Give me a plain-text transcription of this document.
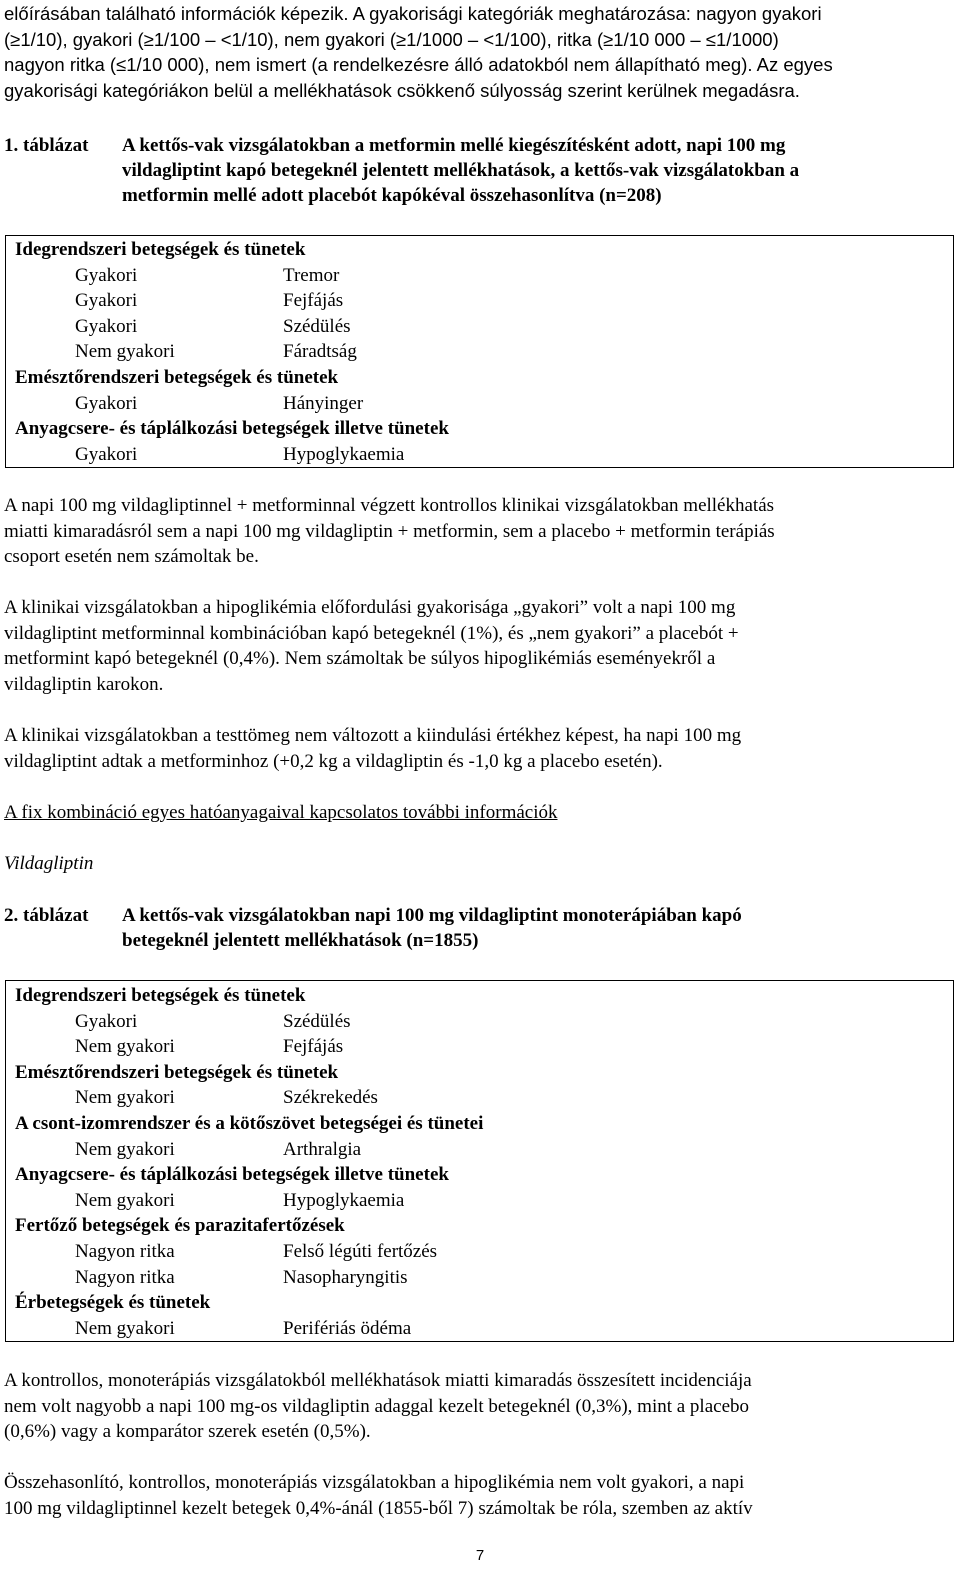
előírásában található információk képezik. A gyakorisági kategóriák meghatározása: nagyon gyakori
(≥1/10), gyakori (≥1/100 – <1/10), nem gyakori (≥1/1000 – <1/100), ritka (≥1/10 000 – ≤1/1000)
nagyon ritka (≤1/10 000), nem ismert (a rendelkezésre álló adatokból nem állapítható meg). Az egyes
gyakorisági kategóriákon belül a mellékhatások csökkenő súlyosság szerint kerülnek megadásra.
1. táblázat A kettős-vak vizsgálatokban a metformin mellé kiegészítésként adott, napi 100 mg
vildagliptint kapó betegeknél jelentett mellékhatások, a kettős-vak vizsgálatokban a
metformin mellé adott placebót kapókéval összehasonlítva (n=208)
Idegrendszeri betegségek és tünetek
Gyakori	Tremor
Gyakori	Fejfájás
Gyakori	Szédülés
Nem gyakori	Fáradtság
Emésztőrendszeri betegségek és tünetek
Gyakori	Hányinger
Anyagcsere- és táplálkozási betegségek illetve tünetek
Gyakori	Hypoglykaemia
A napi 100 mg vildagliptinnel + metforminnal végzett kontrollos klinikai vizsgálatokban mellékhatás
miatti kimaradásról sem a napi 100 mg vildagliptin + metformin, sem a placebo + metformin terápiás
csoport esetén nem számoltak be.
A klinikai vizsgálatokban a hipoglikémia előfordulási gyakorisága „gyakori” volt a napi 100 mg
vildagliptint metforminnal kombinációban kapó betegeknél (1%), és „nem gyakori” a placebót +
metformint kapó betegeknél (0,4%). Nem számoltak be súlyos hipoglikémiás eseményekről a
vildagliptin karokon.
A klinikai vizsgálatokban a testtömeg nem változott a kiindulási értékhez képest, ha napi 100 mg
vildagliptint adtak a metforminhoz (+0,2 kg a vildagliptin és -1,0 kg a placebo esetén).
A fix kombináció egyes hatóanyagaival kapcsolatos további információk
Vildagliptin
2. táblázat A kettős-vak vizsgálatokban napi 100 mg vildagliptint monoterápiában kapó
betegeknél jelentett mellékhatások (n=1855)
Idegrendszeri betegségek és tünetek
Gyakori	Szédülés
Nem gyakori	Fejfájás
Emésztőrendszeri betegségek és tünetek
Nem gyakori	Székrekedés
A csont-izomrendszer és a kötőszövet betegségei és tünetei
Nem gyakori	Arthralgia
Anyagcsere- és táplálkozási betegségek illetve tünetek
Nem gyakori	Hypoglykaemia
Fertőző betegségek és parazitafertőzések
Nagyon ritka	Felső légúti fertőzés
Nagyon ritka	Nasopharyngitis
Érbetegségek és tünetek
Nem gyakori	Perifériás ödéma
A kontrollos, monoterápiás vizsgálatokból mellékhatások miatti kimaradás összesített incidenciája
nem volt nagyobb a napi 100 mg-os vildagliptin adaggal kezelt betegeknél (0,3%), mint a placebo
(0,6%) vagy a komparátor szerek esetén (0,5%).
Összehasonlító, kontrollos, monoterápiás vizsgálatokban a hipoglikémia nem volt gyakori, a napi
100 mg vildagliptinnel kezelt betegek 0,4%-ánál (1855-ből 7) számoltak be róla, szemben az aktív
7
